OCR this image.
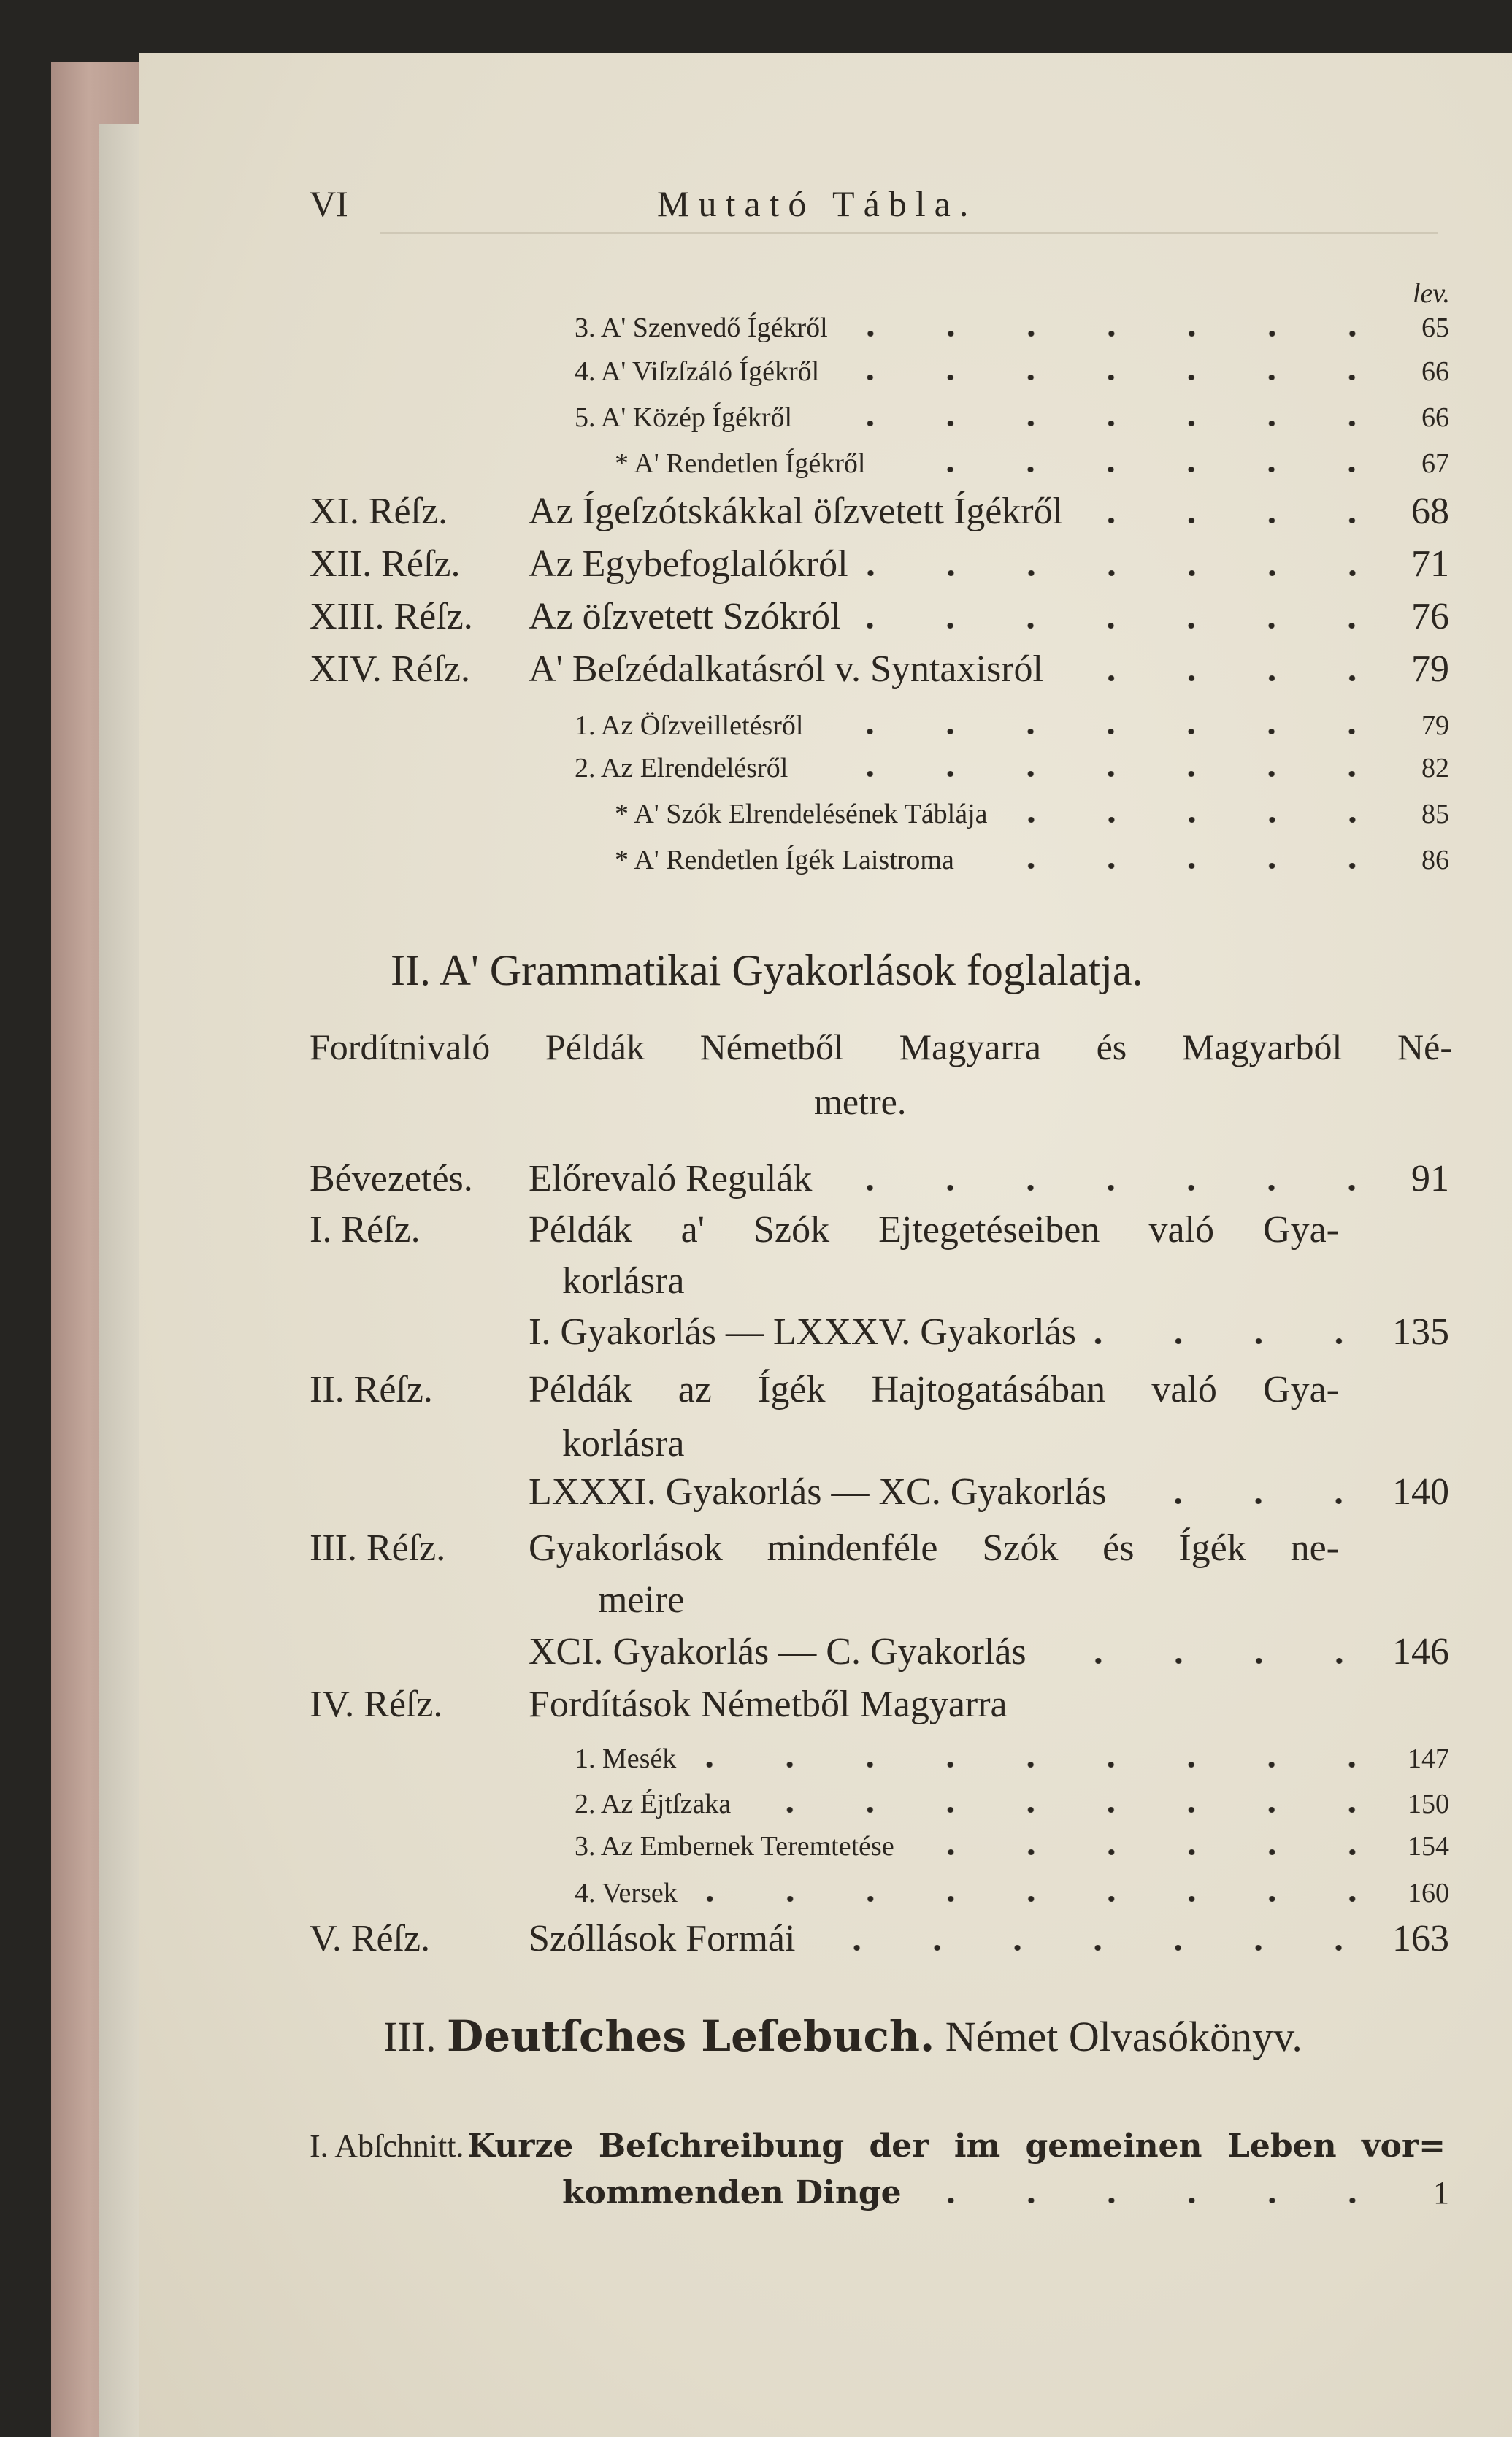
VI	Mutató Tábla.
lev.
3. A' Szenvedő Ígékről	65
4. A' Viſzſzáló Ígékről	66
5. A' Közép Ígékről	66
* A' Rendetlen Ígékről	67
XI. Réſz. Az Ígeſzótskákkal öſzvetett Ígékről	68
XII. Réſz. Az Egybefoglalókról	71
XIII. Réſz. Az öſzvetett Szókról	76
XIV. Réſz. A' Beſzédalkatásról v. Syntaxisról	79
1. Az Öſzveilletésről	79
2. Az Elrendelésről	82
* A' Szók Elrendelésének Táblája	85
* A' Rendetlen Ígék Laistroma	86
Bévezetés. Előrevaló Regulák	91
I. Réſz.	Példák a' Szók Ejtegetéseiben való Gya-
korlásra
I. Gyakorlás — LXXXV. Gyakorlás	135
II. Réſz.	Példák az Ígék Hajtogatásában való Gya-
korlásra
LXXXI. Gyakorlás — XC. Gyakorlás	140
III. Réſz. Gyakorlások mindenféle Szók és Ígék ne-
meire
XCI. Gyakorlás — C. Gyakorlás	146
IV. Réſz. Fordítások Németből Magyarra
1. Mesék	147
2. Az Éjtſzaka	150
3. Az Embernek Teremtetése	154
4. Versek	160
V. Réſz.	Szóllások Formái	163
I. Abſchnitt. Kurze Beſchreibung der im gemeinen Leben vor=
kommenden Dinge	1
II. A' Grammatikai Gyakorlások foglalatja.
Fordítnivaló Példák Németből Magyarra és Magyarból Né-
metre.
III. Deutſches Leſebuch. Német Olvasókönyv.
